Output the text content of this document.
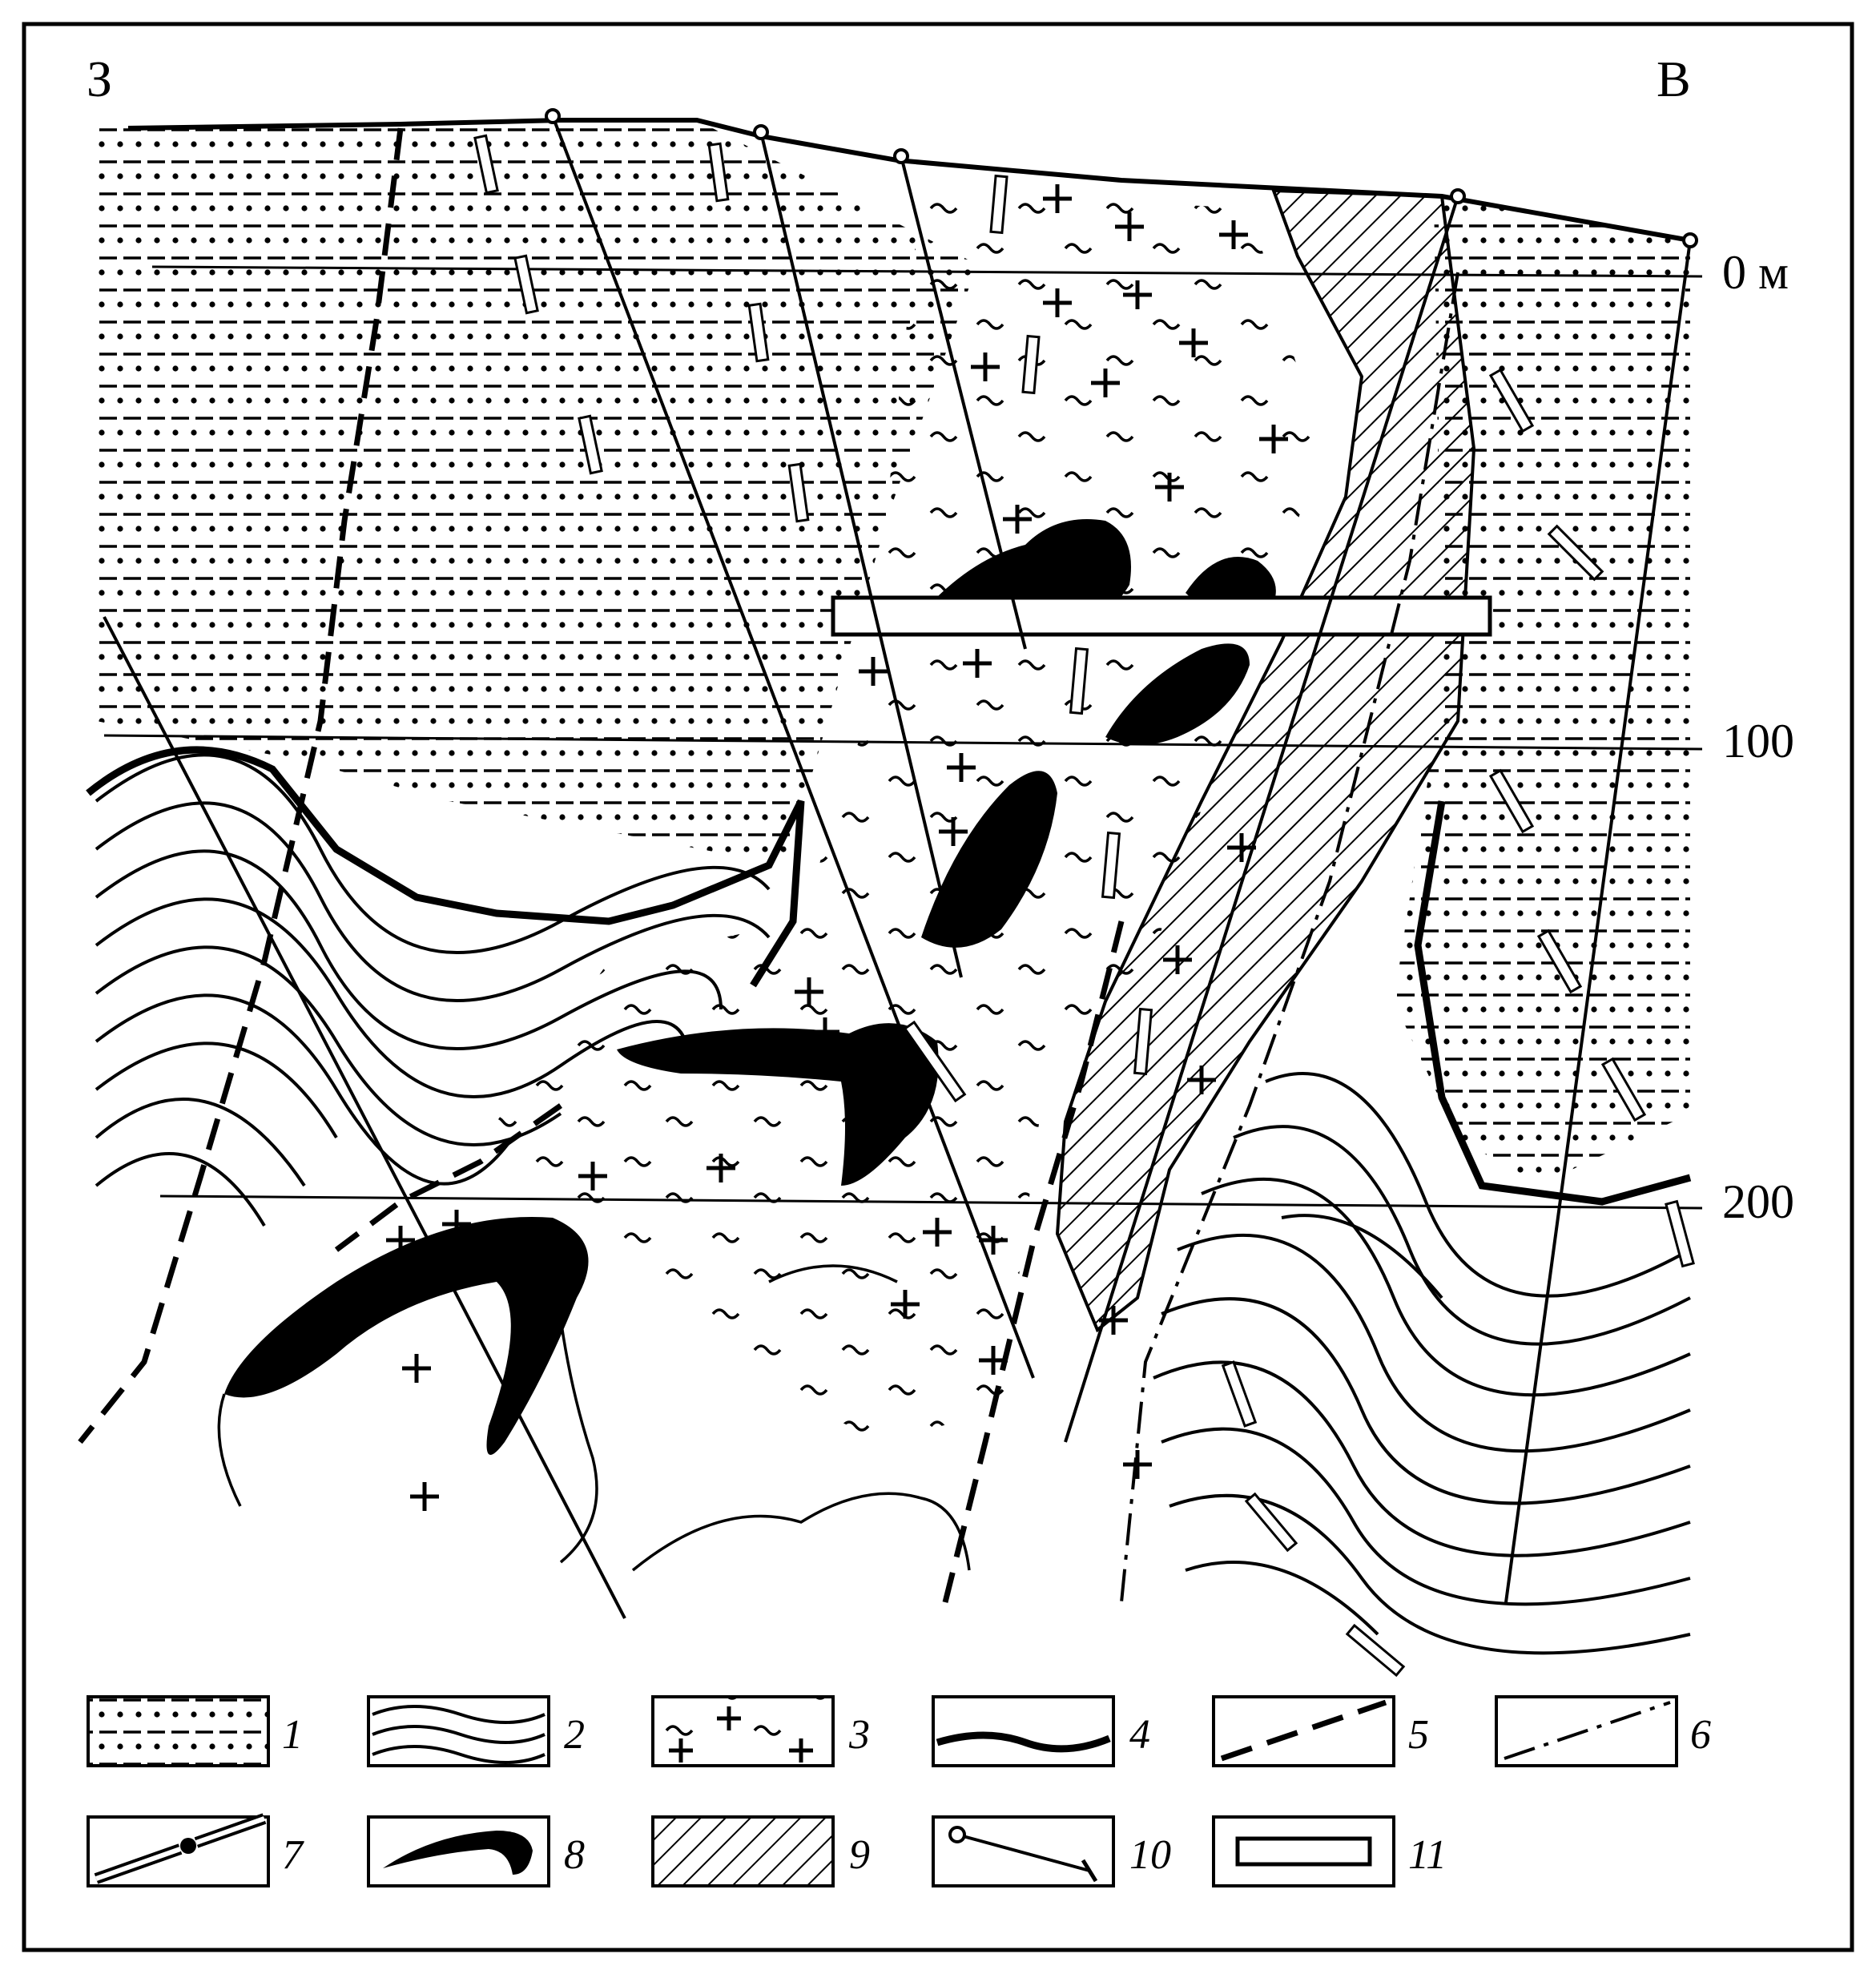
З	В
0 м
100
200
1	2	3	4	5	6
7	8	9	10	11
